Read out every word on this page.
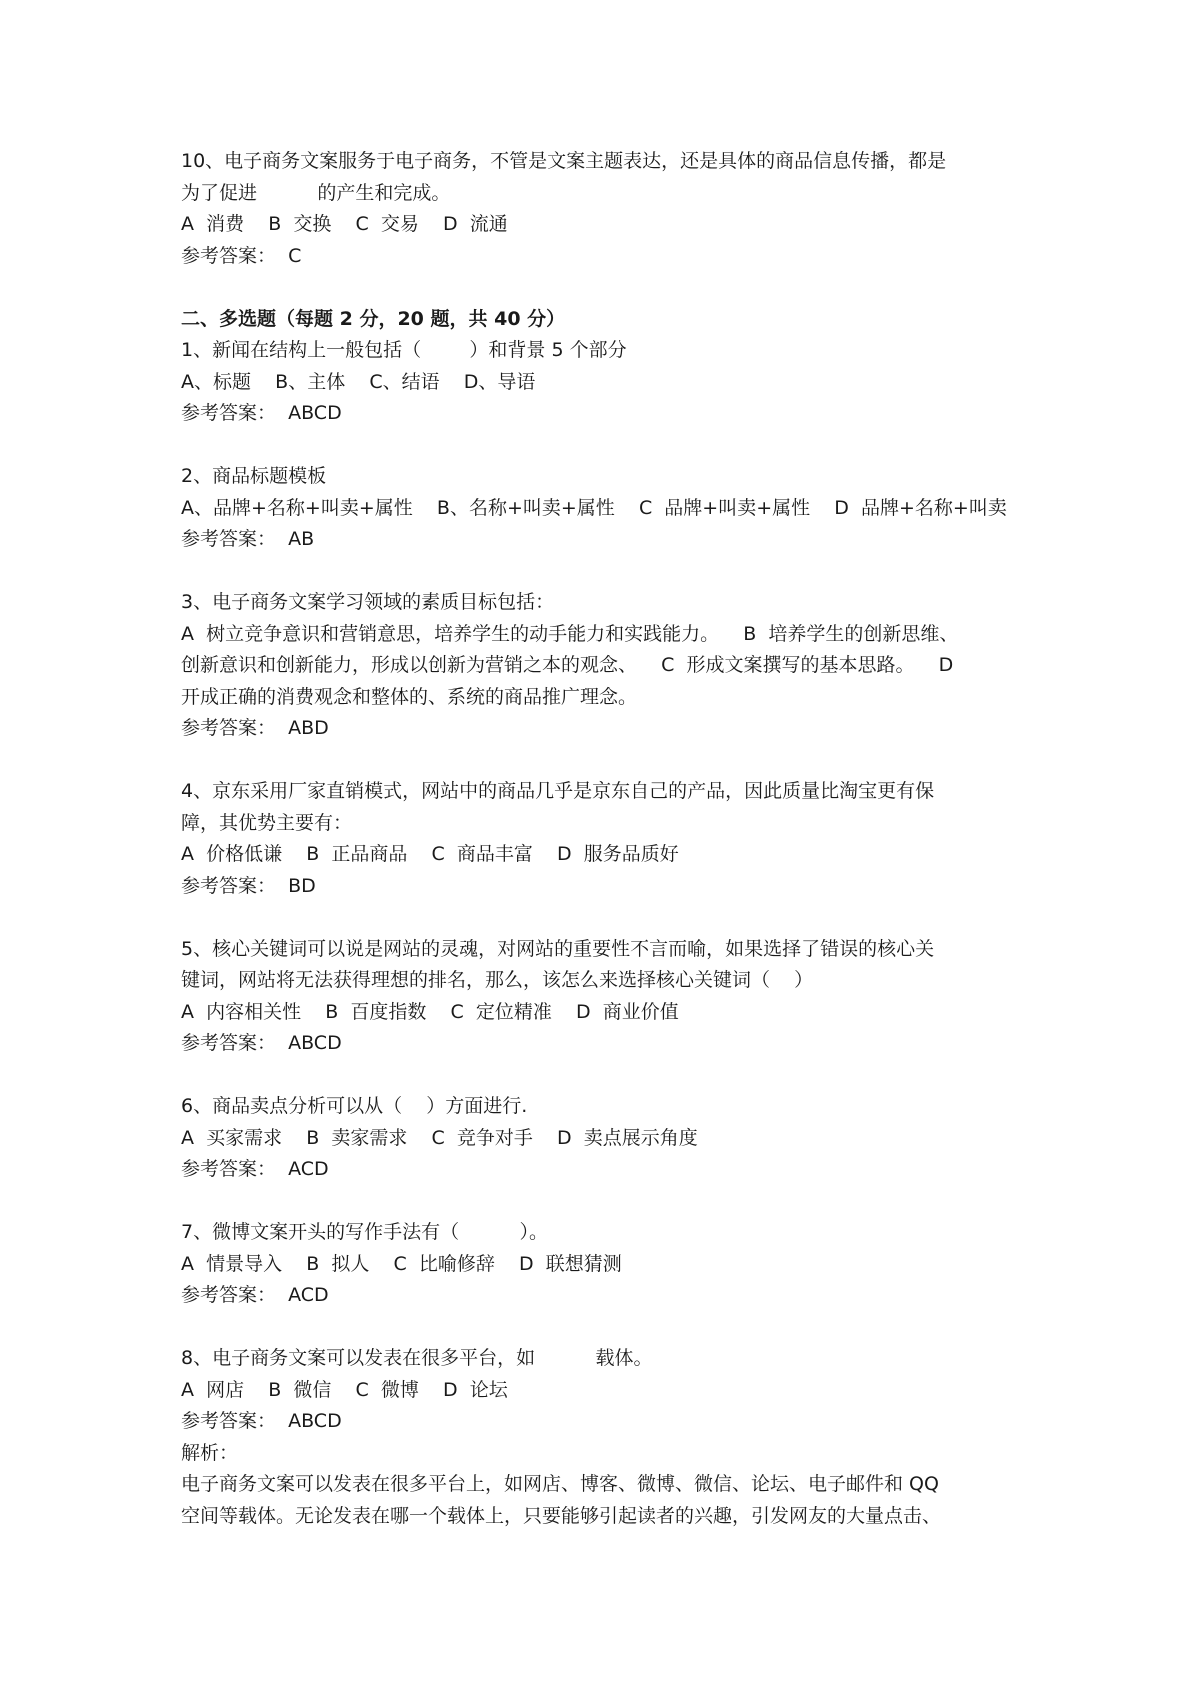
10、电子商务文案服务于电子商务，不管是文案主题表达，还是具体的商品信息传播，都是
为了促进          的产生和完成。
A  消费    B  交换    C  交易    D  流通
参考答案： C
二、多选题（每题 2 分，20 题，共 40 分）
1、新闻在结构上一般包括（        ）和背景 5 个部分
A、标题    B、主体    C、结语    D、导语
参考答案： ABCD
2、商品标题模板
A、品牌+名称+叫卖+属性    B、名称+叫卖+属性    C  品牌+叫卖+属性    D  品牌+名称+叫卖
参考答案： AB
3、电子商务文案学习领域的素质目标包括：
A  树立竞争意识和营销意思，培养学生的动手能力和实践能力。    B  培养学生的创新思维、
创新意识和创新能力，形成以创新为营销之本的观念、    C  形成文案撰写的基本思路。    D
开成正确的消费观念和整体的、系统的商品推广理念。
参考答案： ABD
4、京东采用厂家直销模式，网站中的商品几乎是京东自己的产品，因此质量比淘宝更有保
障，其优势主要有：
A  价格低谦    B  正品商品    C  商品丰富    D  服务品质好
参考答案： BD
5、核心关键词可以说是网站的灵魂，对网站的重要性不言而喻，如果选择了错误的核心关
键词，网站将无法获得理想的排名，那么，该怎么来选择核心关键词（    ）
A  内容相关性    B  百度指数    C  定位精准    D  商业价值
参考答案： ABCD
6、商品卖点分析可以从（    ）方面进行.
A  买家需求    B  卖家需求    C  竞争对手    D  卖点展示角度
参考答案： ACD
7、微博文案开头的写作手法有（          ）。
A  情景导入    B  拟人    C  比喻修辞    D  联想猜测
参考答案： ACD
8、电子商务文案可以发表在很多平台，如          载体。
A  网店    B  微信    C  微博    D  论坛
参考答案： ABCD
解析：
电子商务文案可以发表在很多平台上，如网店、博客、微博、微信、论坛、电子邮件和 QQ
空间等载体。无论发表在哪一个载体上，只要能够引起读者的兴趣，引发网友的大量点击、
